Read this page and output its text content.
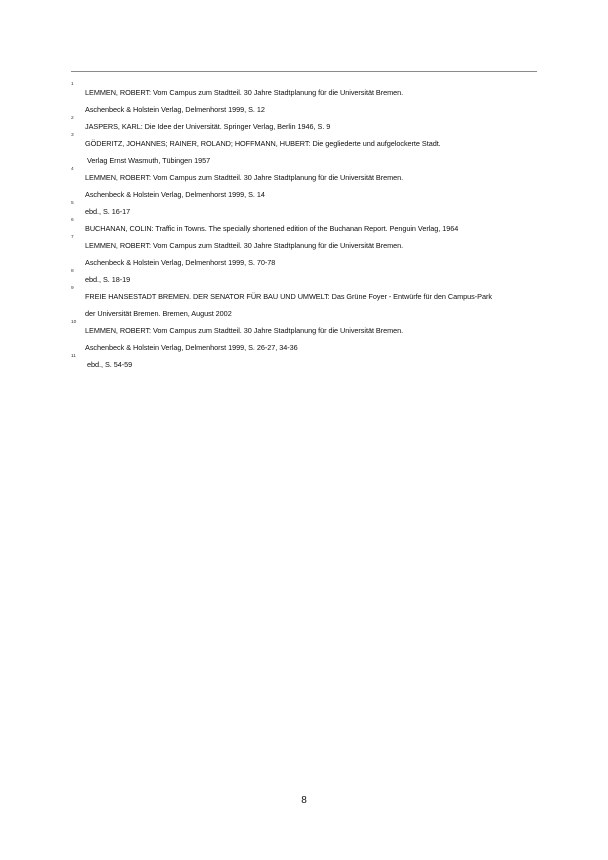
1
LEMMEN, ROBERT: Vom Campus zum Stadtteil. 30 Jahre Stadtplanung für die Universität Bremen.
Aschenbeck & Holstein Verlag, Delmenhorst 1999, S. 12
2
JASPERS, KARL: Die Idee der Universität. Springer Verlag, Berlin 1946, S. 9
3
GÖDERITZ, JOHANNES; RAINER, ROLAND; HOFFMANN, HUBERT: Die gegliederte und aufgelockerte Stadt.
Verlag Ernst Wasmuth, Tübingen 1957
4
LEMMEN, ROBERT: Vom Campus zum Stadtteil. 30 Jahre Stadtplanung für die Universität Bremen.
Aschenbeck & Holstein Verlag, Delmenhorst 1999, S. 14
5
ebd., S. 16-17
6
BUCHANAN, COLIN: Traffic in Towns. The specially shortened edition of the Buchanan Report. Penguin Verlag, 1964
7
LEMMEN, ROBERT: Vom Campus zum Stadtteil. 30 Jahre Stadtplanung für die Universität Bremen.
Aschenbeck & Holstein Verlag, Delmenhorst 1999, S. 70-78
8
ebd., S. 18-19
9
FREIE HANSESTADT BREMEN. DER SENATOR FÜR BAU UND UMWELT: Das Grüne Foyer - Entwürfe für den Campus-Park
der Universität Bremen. Bremen, August 2002
10
LEMMEN, ROBERT: Vom Campus zum Stadtteil. 30 Jahre Stadtplanung für die Universität Bremen.
Aschenbeck & Holstein Verlag, Delmenhorst 1999, S. 26-27, 34-36
11
ebd., S. 54-59
8
